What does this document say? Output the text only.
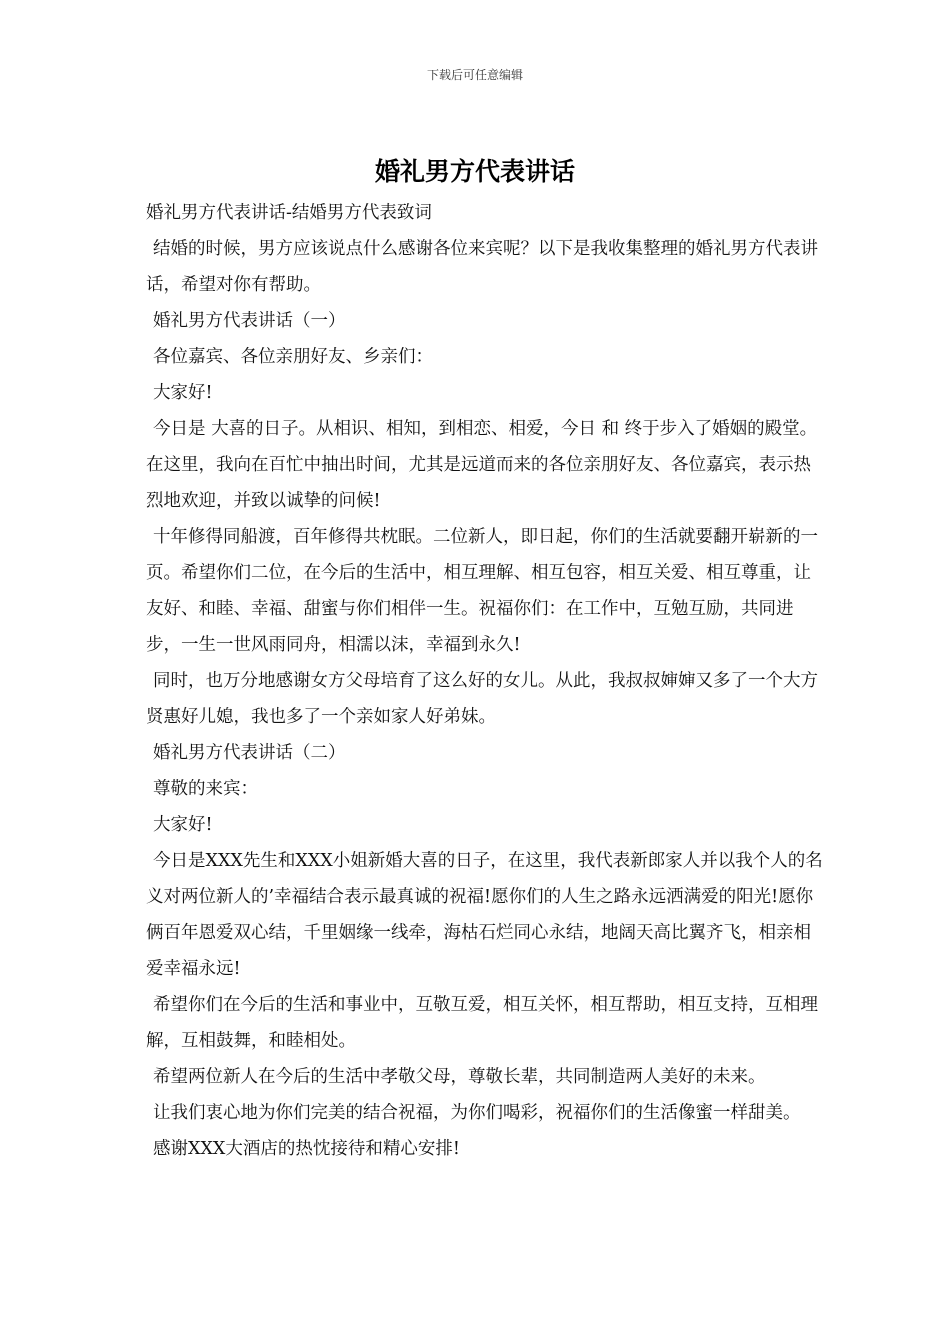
下载后可任意编辑
婚礼男方代表讲话

婚礼男方代表讲话-结婚男方代表致词

结婚的时候，男方应该说点什么感谢各位来宾呢？以下是我收集整理的婚礼男方代表讲话，希望对你有帮助。

婚礼男方代表讲话（一）

各位嘉宾、各位亲朋好友、乡亲们：

大家好!

今日是 大喜的日子。从相识、相知，到相恋、相爱，今日 和 终于步入了婚姻的殿堂。在这里，我向在百忙中抽出时间，尤其是远道而来的各位亲朋好友、各位嘉宾，表示热烈地欢迎，并致以诚挚的问候!

十年修得同船渡，百年修得共枕眠。二位新人，即日起，你们的生活就要翻开崭新的一页。希望你们二位，在今后的生活中，相互理解、相互包容，相互关爱、相互尊重，让友好、和睦、幸福、甜蜜与你们相伴一生。祝福你们：在工作中，互勉互励，共同进步，一生一世风雨同舟，相濡以沫，幸福到永久!

同时，也万分地感谢女方父母培育了这么好的女儿。从此，我叔叔婶婶又多了一个大方贤惠好儿媳，我也多了一个亲如家人好弟妹。

婚礼男方代表讲话（二）

尊敬的来宾：

大家好!

今日是XXX先生和XXX小姐新婚大喜的日子，在这里，我代表新郎家人并以我个人的名义对两位新人的’幸福结合表示最真诚的祝福!愿你们的人生之路永远洒满爱的阳光!愿你俩百年恩爱双心结，千里姻缘一线牵，海枯石烂同心永结，地阔天高比翼齐飞，相亲相爱幸福永远!

希望你们在今后的生活和事业中，互敬互爱，相互关怀，相互帮助，相互支持，互相理解，互相鼓舞，和睦相处。

希望两位新人在今后的生活中孝敬父母，尊敬长辈，共同制造两人美好的未来。

让我们衷心地为你们完美的结合祝福，为你们喝彩，祝福你们的生活像蜜一样甜美。

感谢XXX大酒店的热忱接待和精心安排!
